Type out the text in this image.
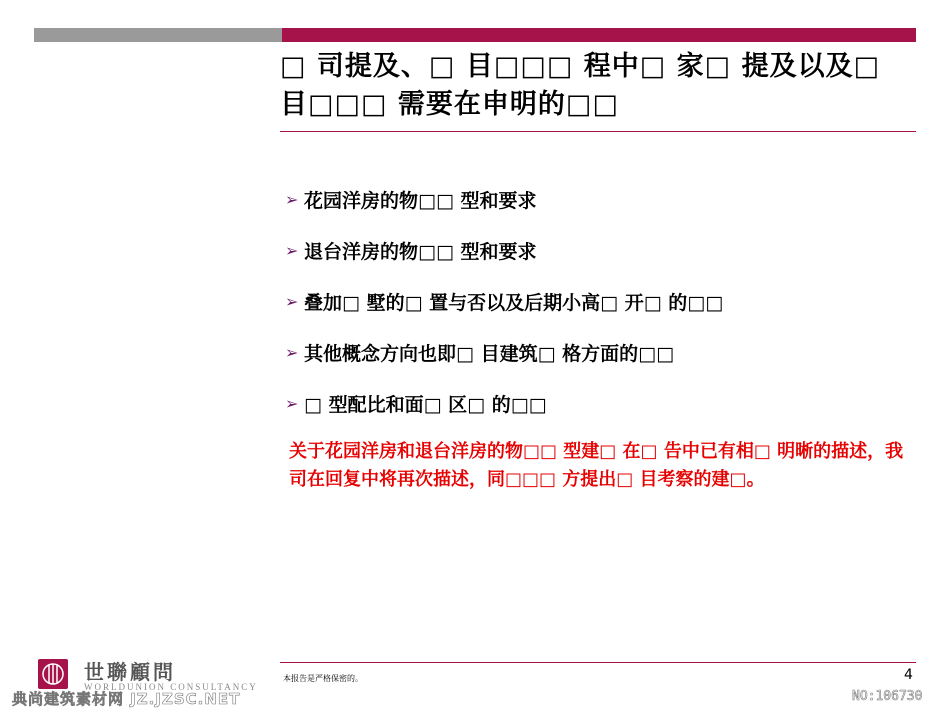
□ 司提及、□ 目□□□ 程中□ 家□ 提及以及□ 目□□□ 需要在申明的□□
➢ 花园洋房的物□□ 型和要求
➢ 退台洋房的物□□ 型和要求
➢ 叠加□ 墅的□ 置与否以及后期小高□ 开□ 的□□
➢ 其他概念方向也即□ 目建筑□ 格方面的□□
➢ □ 型配比和面□ 区□ 的□□

关于花园洋房和退台洋房的物□□ 型建□ 在□ 告中已有相□ 明晰的描述，我司在回复中将再次描述，同□□□ 方提出□ 目考察的建□。

本报告是严格保密的。	4
世聯顧問
WORLDUNION CONSULTANCY
典尚建筑素材网 JZ.JZSC.NET	NO:106730
